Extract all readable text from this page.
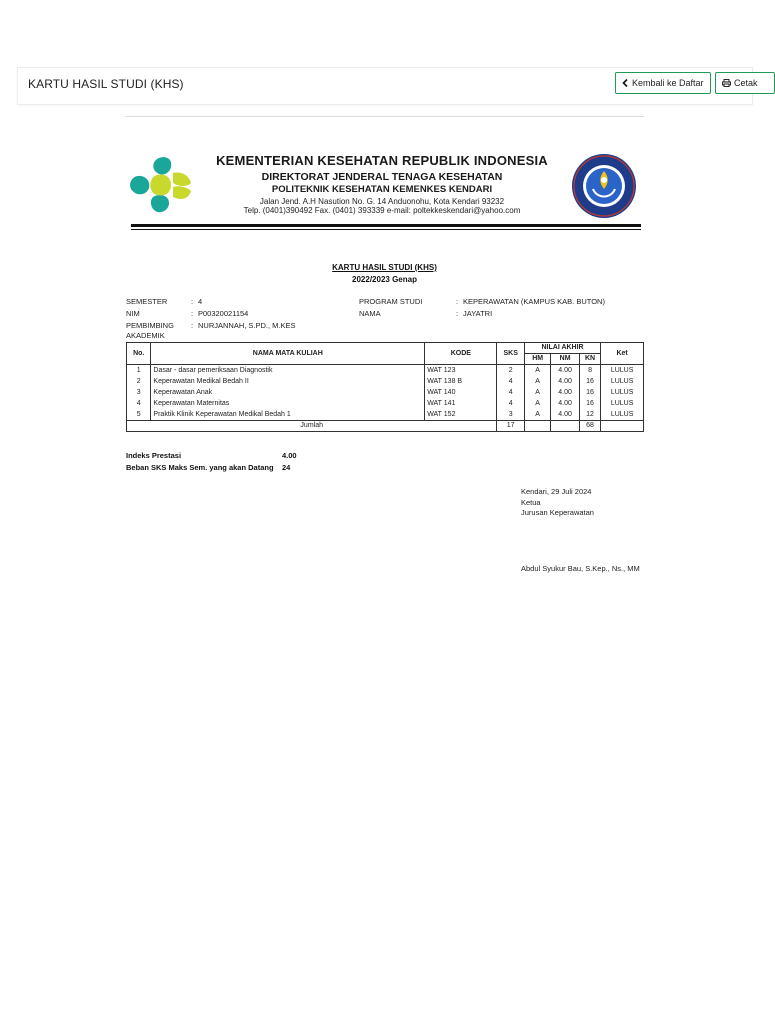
KARTU HASIL STUDI (KHS)	Kembali ke Daftar	Cetak
KEMENTERIAN KESEHATAN REPUBLIK INDONESIA
DIREKTORAT JENDERAL TENAGA KESEHATAN
POLITEKNIK KESEHATAN KEMENKES KENDARI
Jalan Jend. A.H Nasution No. G. 14 Anduonohu, Kota Kendari 93232
Telp. (0401)390492 Fax. (0401) 393339 e-mail: poltekkeskendari@yahoo.com
KARTU HASIL STUDI (KHS)
2022/2023 Genap
SEMESTER	: 4
NIM	: P00320021154
PEMBIMBING : NURJANNAH, S.PD., M.KES
AKADEMIK
PROGRAM STUDI	: KEPERAWATAN (KAMPUS KAB. BUTON)
NAMA	: JAYATRI
No.	NAMA MATA KULIAH	KODE	SKS	NILAI AKHIR			Ket
				HM	NM	KN	
1	Dasar - dasar pemeriksaan Diagnostik	WAT 123	2	A	4.00	8	LULUS
2	Keperawatan Medikal Bedah II	WAT 138 B	4	A	4.00	16	LULUS
3	Keperawatan Anak	WAT 140	4	A	4.00	16	LULUS
4	Keperawatan Maternitas	WAT 141	4	A	4.00	16	LULUS
5	Praktik Klinik Keperawatan Medikal Bedah 1	WAT 152	3	A	4.00	12	LULUS
Jumlah			17			68	
Indeks Prestasi	4.00
Beban SKS Maks Sem. yang akan Datang 24
Kendari, 29 Juli 2024
Ketua
Jurusan Keperawatan
Abdul Syukur Bau, S.Kep., Ns., MM
